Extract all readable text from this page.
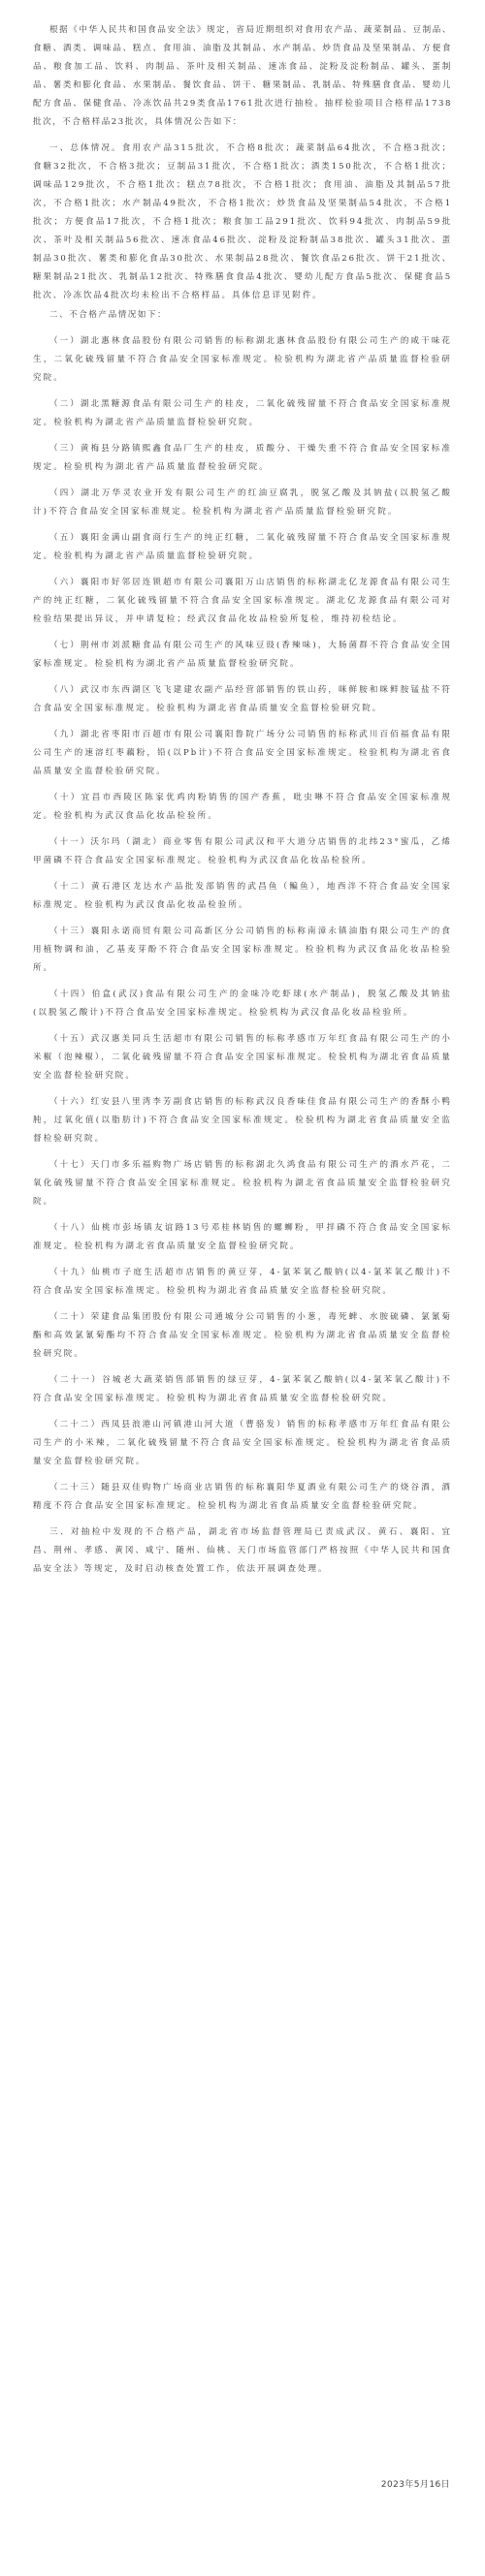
根据《中华人民共和国食品安全法》规定，省局近期组织对食用农产品、蔬菜制品、豆制品、食糖、酒类、调味品、糕点、食用油、油脂及其制品、水产制品、炒货食品及坚果制品、方便食品、粮食加工品、饮料、肉制品、茶叶及相关制品、速冻食品、淀粉及淀粉制品、罐头、蛋制品、薯类和膨化食品、水果制品、餐饮食品、饼干、糖果制品、乳制品、特殊膳食食品、婴幼儿配方食品、保健食品、冷冻饮品共29类食品1761批次进行抽检。抽样检验项目合格样品1738批次，不合格样品23批次，具体情况公告如下：

一、总体情况。食用农产品315批次，不合格8批次；蔬菜制品64批次，不合格3批次；食糖32批次，不合格3批次；豆制品31批次，不合格1批次；酒类150批次，不合格1批次；调味品129批次，不合格1批次；糕点78批次，不合格1批次；食用油、油脂及其制品57批次，不合格1批次；水产制品49批次，不合格1批次；炒货食品及坚果制品54批次，不合格1批次；方便食品17批次，不合格1批次；粮食加工品291批次、饮料94批次、肉制品59批次、茶叶及相关制品56批次、速冻食品46批次、淀粉及淀粉制品38批次、罐头31批次、蛋制品30批次、薯类和膨化食品30批次、水果制品28批次、餐饮食品26批次、饼干21批次、糖果制品21批次、乳制品12批次、特殊膳食食品4批次、婴幼儿配方食品5批次、保健食品5批次、冷冻饮品4批次均未检出不合格样品。具体信息详见附件。

二、不合格产品情况如下：

（一）湖北惠林食品股份有限公司销售的标称湖北惠林食品股份有限公司生产的咸干味花生，二氧化硫残留量不符合食品安全国家标准规定。检验机构为湖北省产品质量监督检验研究院。

（二）湖北黑糖源食品有限公司生产的桂皮，二氧化硫残留量不符合食品安全国家标准规定。检验机构为湖北省产品质量监督检验研究院。

（三）黄梅县分路镇熙鑫食品厂生产的桂皮，质酸分、干燥失重不符合食品安全国家标准规定。检验机构为湖北省产品质量监督检验研究院。

（四）湖北万华灵农业开发有限公司生产的红油豆腐乳，脱氢乙酸及其钠盐(以脱氢乙酸计)不符合食品安全国家标准规定。检验机构为湖北省产品质量监督检验研究院。

（五）襄阳金满山副食商行生产的纯正红糖，二氧化硫残留量不符合食品安全国家标准规定。检验机构为湖北省产品质量监督检验研究院。

（六）襄阳市好邻居连锁超市有限公司襄阳万山店销售的标称湖北亿龙源食品有限公司生产的纯正红糖，二氧化硫残留量不符合食品安全国家标准规定。湖北亿龙源食品有限公司对检验结果提出异议，并申请复检；经武汉食品化妆品检验所复检，维持初检结论。

（七）荆州市刘派糖食品有限公司生产的风味豆豉(香辣味)，大肠菌群不符合食品安全国家标准规定。检验机构为湖北省产品质量监督检验研究院。

（八）武汉市东西湖区飞飞建建农副产品经营部销售的铁山药，咪鲜胺和咪鲜胺锰盐不符合食品安全国家标准规定。检验机构为湖北省食品质量安全监督检验研究院。

（九）湖北省枣阳市百超市有限公司襄阳鲁院广场分公司销售的标称武川百佰福食品有限公司生产的速溶红枣藕粉，铅(以Pb计)不符合食品安全国家标准规定。检验机构为湖北省食品质量安全监督检验研究院。

（十）宜昌市西陵区陈家优鸡肉粉销售的国产香蕉，吡虫啉不符合食品安全国家标准规定。检验机构为武汉食品化妆品检验所。

（十一）沃尔玛（湖北）商业零售有限公司武汉和平大道分店销售的北纬23°蜜瓜，乙烯甲菌磷不符合食品安全国家标准规定。检验机构为武汉食品化妆品检验所。

（十二）黄石港区龙达水产品批发部销售的武昌鱼（鳊鱼），地西泮不符合食品安全国家标准规定。检验机构为武汉食品化妆品检验所。

（十三）襄阳永诺商贸有限公司高新区分公司销售的标称南漳永镇油脂有限公司生产的食用植物调和油，乙基麦芽酚不符合食品安全国家标准规定。检验机构为武汉食品化妆品检验所。

（十四）伯盒(武汉)食品有限公司生产的金味冷吃虾球(水产制品)，脱氢乙酸及其钠盐(以脱氢乙酸计)不符合食品安全国家标准规定。检验机构为武汉食品化妆品检验所。

（十五）武汉惠美同兵生活超市有限公司销售的标称孝感市万年红食品有限公司生产的小米椒（泡辣椒），二氧化硫残留量不符合食品安全国家标准规定。检验机构为湖北省食品质量安全监督检验研究院。

（十六）红安县八里湾李芳副食店销售的标称武汉良香味佳食品有限公司生产的香酥小鸭肫，过氧化值(以脂肪计)不符合食品安全国家标准规定。检验机构为湖北省食品质量安全监督检验研究院。

（十七）天门市多乐福购物广场店销售的标称湖北久鸿食品有限公司生产的酒水芦花，二氧化硫残留量不符合食品安全国家标准规定。检验机构为湖北省食品质量安全监督检验研究院。

（十八）仙桃市彭场镇友谊路13号邓桂林销售的螺蛳粉，甲拌磷不符合食品安全国家标准规定。检验机构为湖北省食品质量安全监督检验研究院。

（十九）仙桃市子庭生活超市店销售的黄豆芽，4-氯苯氧乙酸钠(以4-氯苯氧乙酸计)不符合食品安全国家标准规定。检验机构为湖北省食品质量安全监督检验研究院。

（二十）荣建食品集团股份有限公司通城分公司销售的小葱，毒死蜱、水胺硫磷、氯氰菊酯和高效氯氰菊酯均不符合食品安全国家标准规定。检验机构为湖北省食品质量安全监督检验研究院。

（二十一）谷城老大蔬菜销售部销售的绿豆芽，4-氯苯氧乙酸钠(以4-氯苯氧乙酸计)不符合食品安全国家标准规定。检验机构为湖北省食品质量安全监督检验研究院。

（二十二）西凤县浪港山河镇港山河大道（曹骆发）销售的标称孝感市万年红食品有限公司生产的小米辣，二氧化硫残留量不符合食品安全国家标准规定。检验机构为湖北省食品质量安全监督检验研究院。

（二十三）随县双佳购物广场商业店销售的标称襄阳华夏酒业有限公司生产的烧谷酒，酒精度不符合食品安全国家标准规定。检验机构为湖北省食品质量安全监督检验研究院。

三、对抽检中发现的不合格产品，湖北省市场监督管理局已责成武汉、黄石、襄阳、宜昌、荆州、孝感、黄冈、咸宁、随州、仙桃、天门市场监管部门严格按照《中华人民共和国食品安全法》等规定，及时启动核查处置工作，依法开展调查处理。

2023年5月16日
